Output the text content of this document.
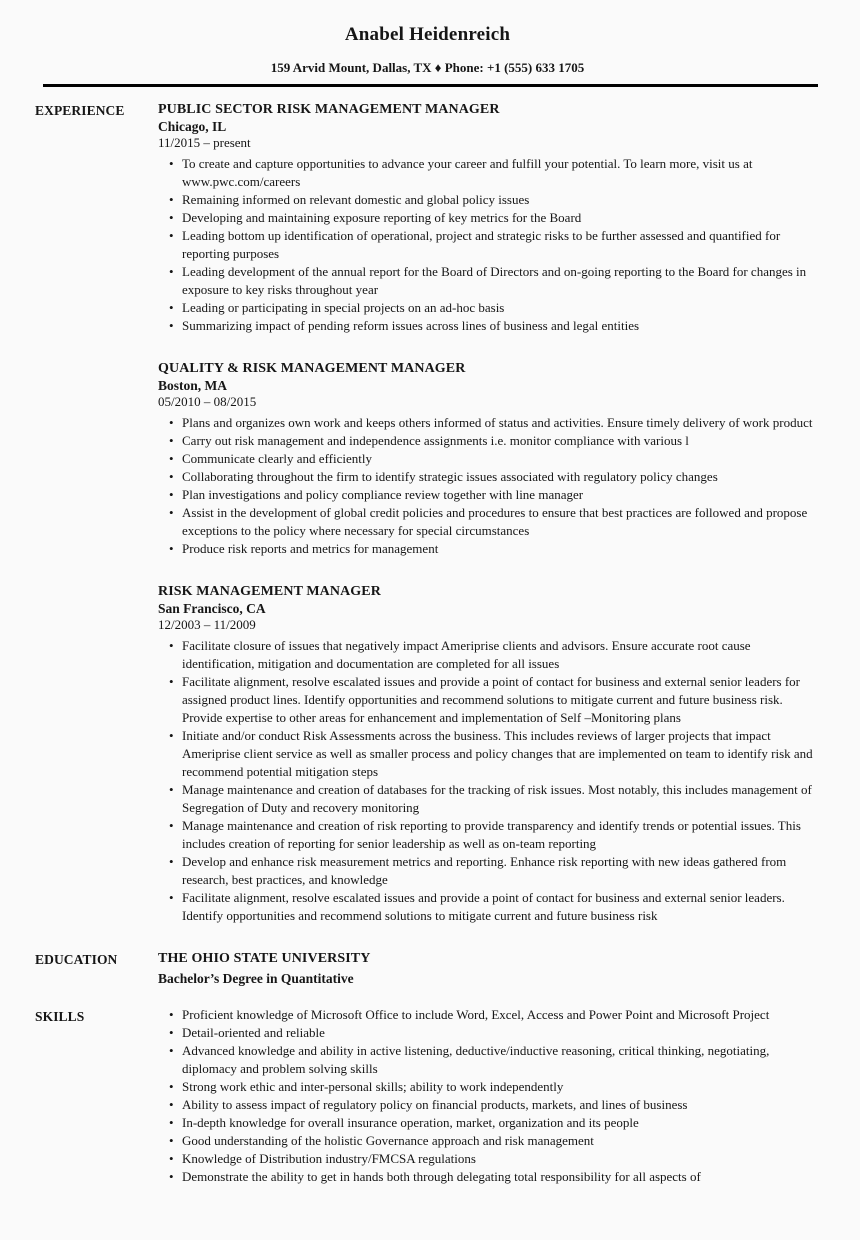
Anabel Heidenreich
159 Arvid Mount, Dallas, TX ♦ Phone: +1 (555) 633 1705
EXPERIENCE	PUBLIC SECTOR RISK MANAGEMENT MANAGER
Chicago, IL
11/2015 – present
• To create and capture opportunities to advance your career and fulfill your potential. To learn more, visit us at www.pwc.com/careers
• Remaining informed on relevant domestic and global policy issues
• Developing and maintaining exposure reporting of key metrics for the Board
• Leading bottom up identification of operational, project and strategic risks to be further assessed and quantified for reporting purposes
• Leading development of the annual report for the Board of Directors and on-going reporting to the Board for changes in exposure to key risks throughout year
• Leading or participating in special projects on an ad-hoc basis
• Summarizing impact of pending reform issues across lines of business and legal entities
QUALITY & RISK MANAGEMENT MANAGER
Boston, MA
05/2010 – 08/2015
• Plans and organizes own work and keeps others informed of status and activities. Ensure timely delivery of work product
• Carry out risk management and independence assignments i.e. monitor compliance with various l
• Communicate clearly and efficiently
• Collaborating throughout the firm to identify strategic issues associated with regulatory policy changes
• Plan investigations and policy compliance review together with line manager
• Assist in the development of global credit policies and procedures to ensure that best practices are followed and propose exceptions to the policy where necessary for special circumstances
• Produce risk reports and metrics for management
RISK MANAGEMENT MANAGER
San Francisco, CA
12/2003 – 11/2009
• Facilitate closure of issues that negatively impact Ameriprise clients and advisors. Ensure accurate root cause identification, mitigation and documentation are completed for all issues
• Facilitate alignment, resolve escalated issues and provide a point of contact for business and external senior leaders for assigned product lines. Identify opportunities and recommend solutions to mitigate current and future business risk. Provide expertise to other areas for enhancement and implementation of Self –Monitoring plans
• Initiate and/or conduct Risk Assessments across the business. This includes reviews of larger projects that impact Ameriprise client service as well as smaller process and policy changes that are implemented on team to identify risk and recommend potential mitigation steps
• Manage maintenance and creation of databases for the tracking of risk issues. Most notably, this includes management of Segregation of Duty and recovery monitoring
• Manage maintenance and creation of risk reporting to provide transparency and identify trends or potential issues. This includes creation of reporting for senior leadership as well as on-team reporting
• Develop and enhance risk measurement metrics and reporting. Enhance risk reporting with new ideas gathered from research, best practices, and knowledge
• Facilitate alignment, resolve escalated issues and provide a point of contact for business and external senior leaders. Identify opportunities and recommend solutions to mitigate current and future business risk
EDUCATION	THE OHIO STATE UNIVERSITY
Bachelor’s Degree in Quantitative
SKILLS	• Proficient knowledge of Microsoft Office to include Word, Excel, Access and Power Point and Microsoft Project
• Detail-oriented and reliable
• Advanced knowledge and ability in active listening, deductive/inductive reasoning, critical thinking, negotiating, diplomacy and problem solving skills
• Strong work ethic and inter-personal skills; ability to work independently
• Ability to assess impact of regulatory policy on financial products, markets, and lines of business
• In-depth knowledge for overall insurance operation, market, organization and its people
• Good understanding of the holistic Governance approach and risk management
• Knowledge of Distribution industry/FMCSA regulations
• Demonstrate the ability to get in hands both through delegating total responsibility for all aspects of
